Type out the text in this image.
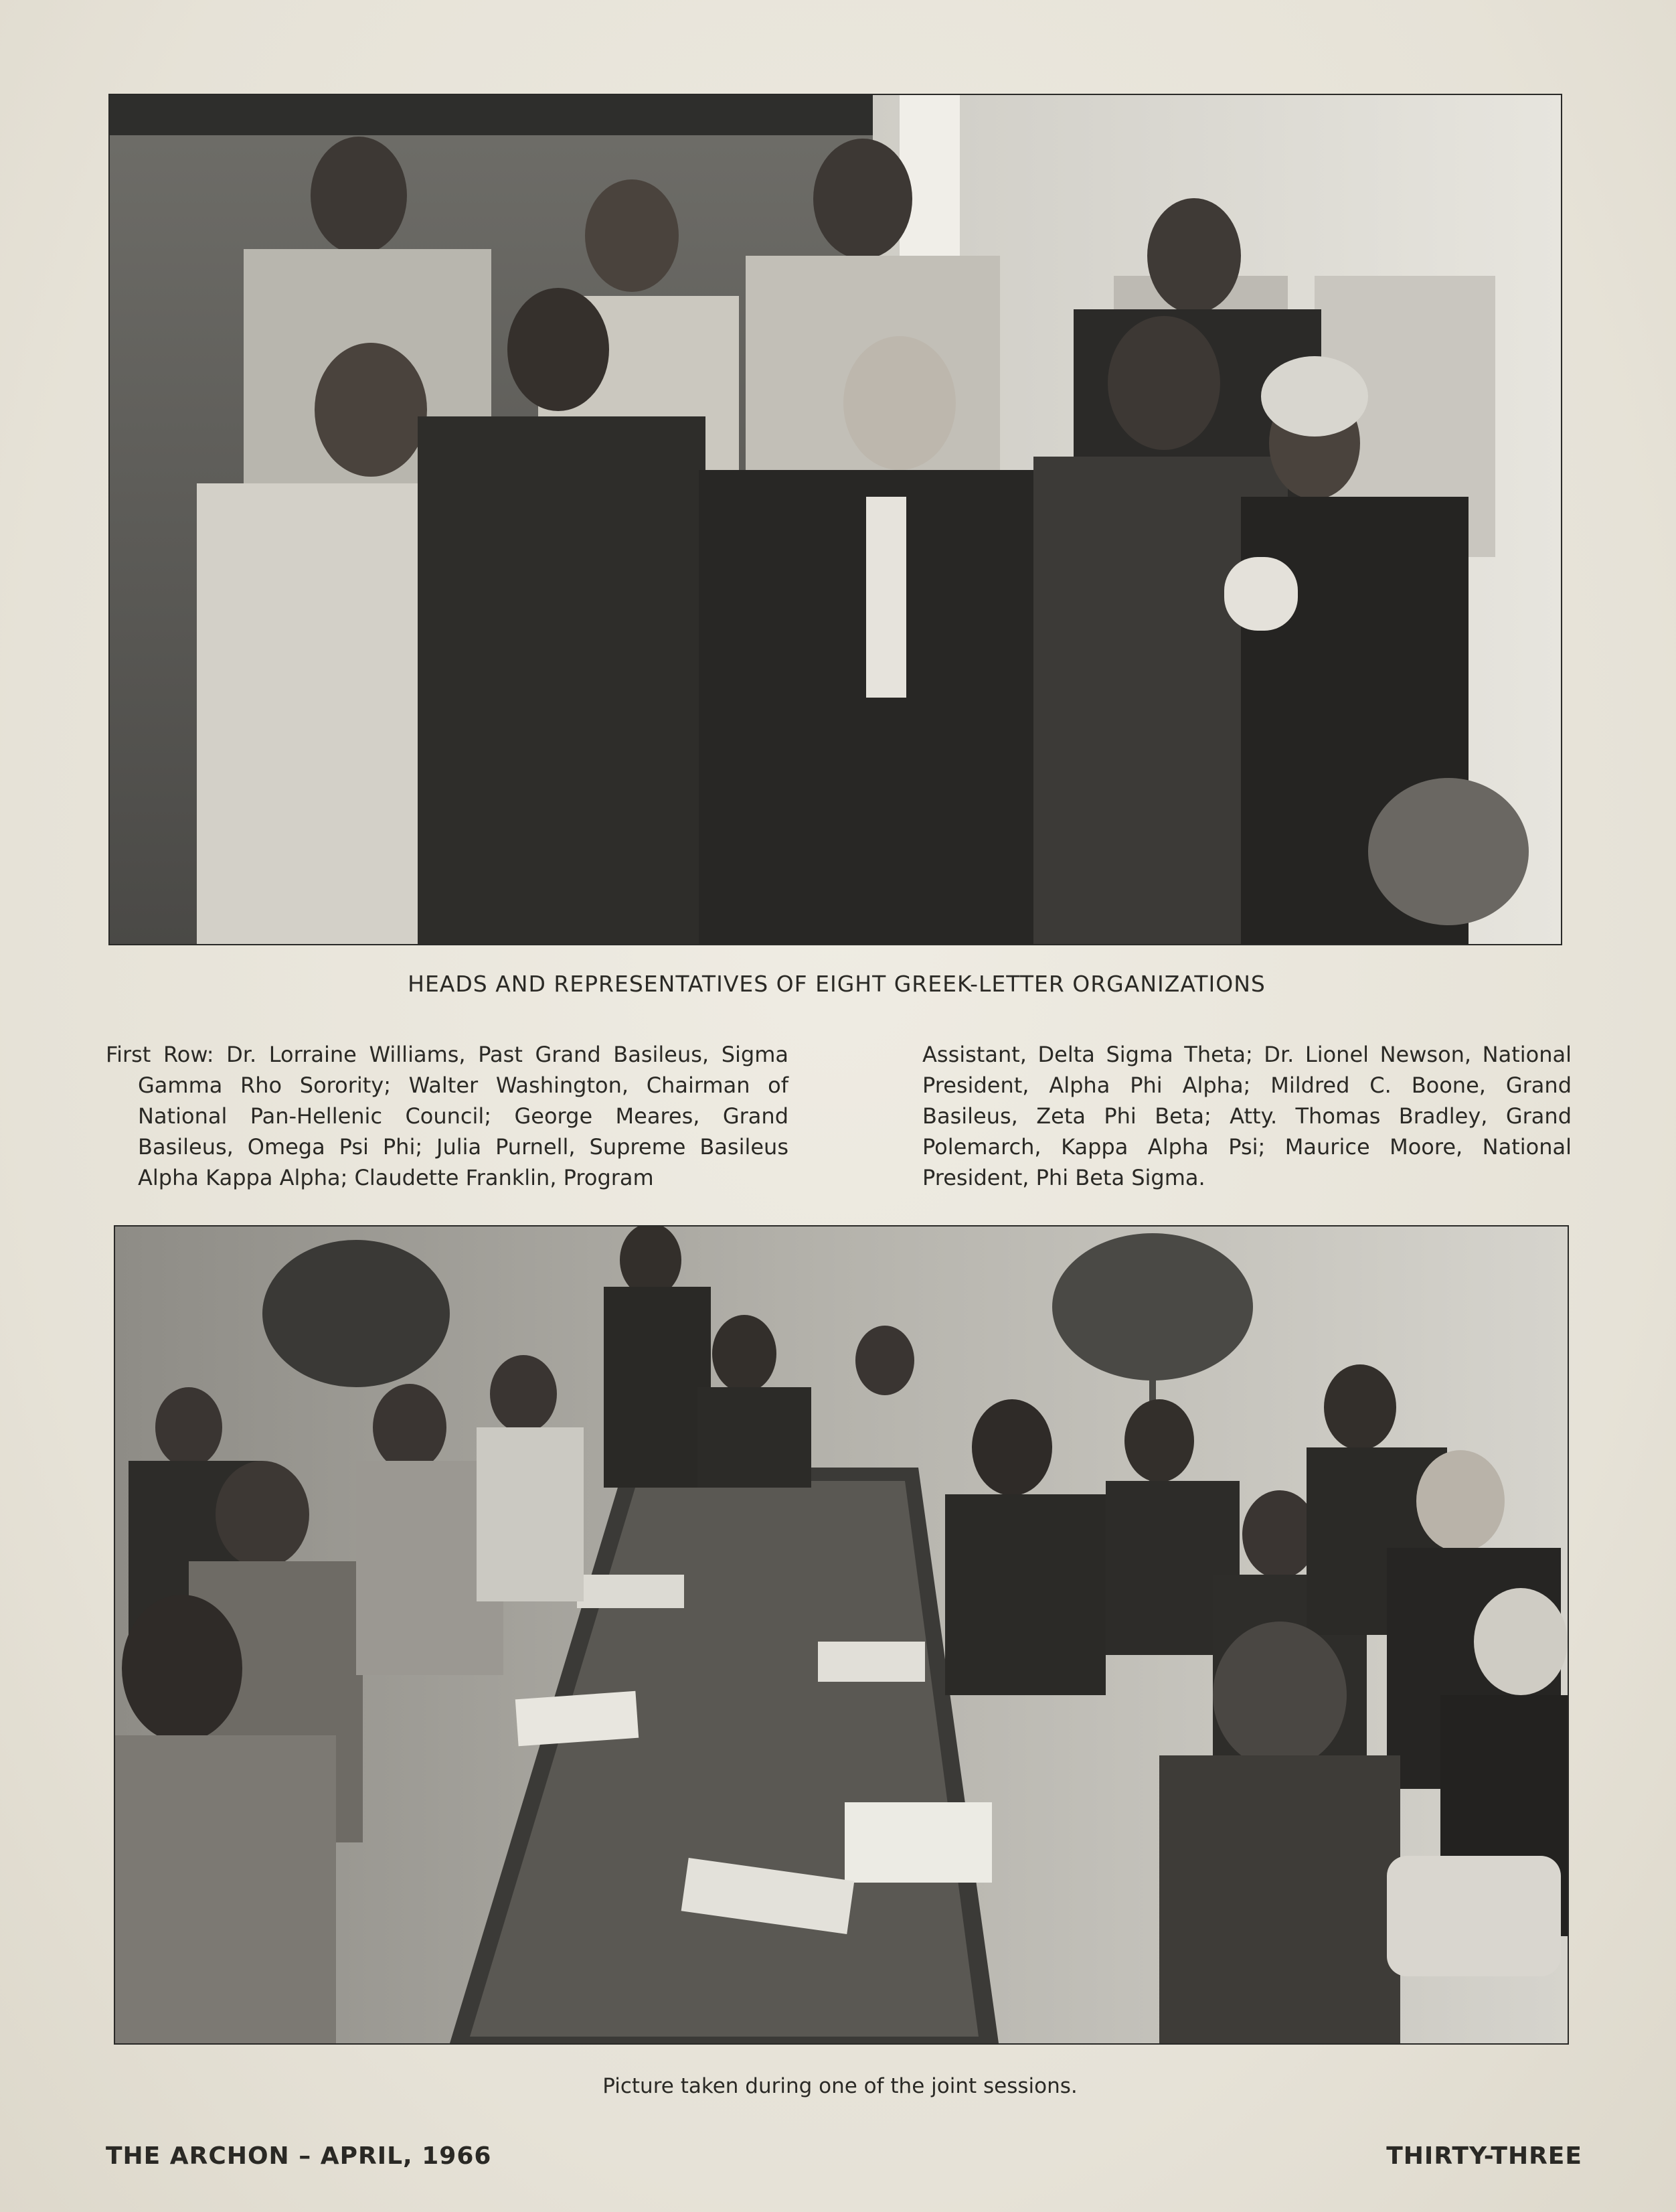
HEADS AND REPRESENTATIVES OF EIGHT GREEK-LETTER ORGANIZATIONS
First Row: Dr. Lorraine Williams, Past Grand Basileus, Sigma Gamma Rho Sorority; Walter Washington, Chairman of National Pan-Hellenic Council; George Meares, Grand Basileus, Omega Psi Phi; Julia Purnell, Supreme Basileus Alpha Kappa Alpha; Claudette Franklin, Program
Assistant, Delta Sigma Theta; Dr. Lionel Newson, National President, Alpha Phi Alpha; Mildred C. Boone, Grand Basileus, Zeta Phi Beta; Atty. Thomas Bradley, Grand Polemarch, Kappa Alpha Psi; Maurice Moore, National President, Phi Beta Sigma.
Picture taken during one of the joint sessions.
THE ARCHON – APRIL, 1966	THIRTY-THREE
